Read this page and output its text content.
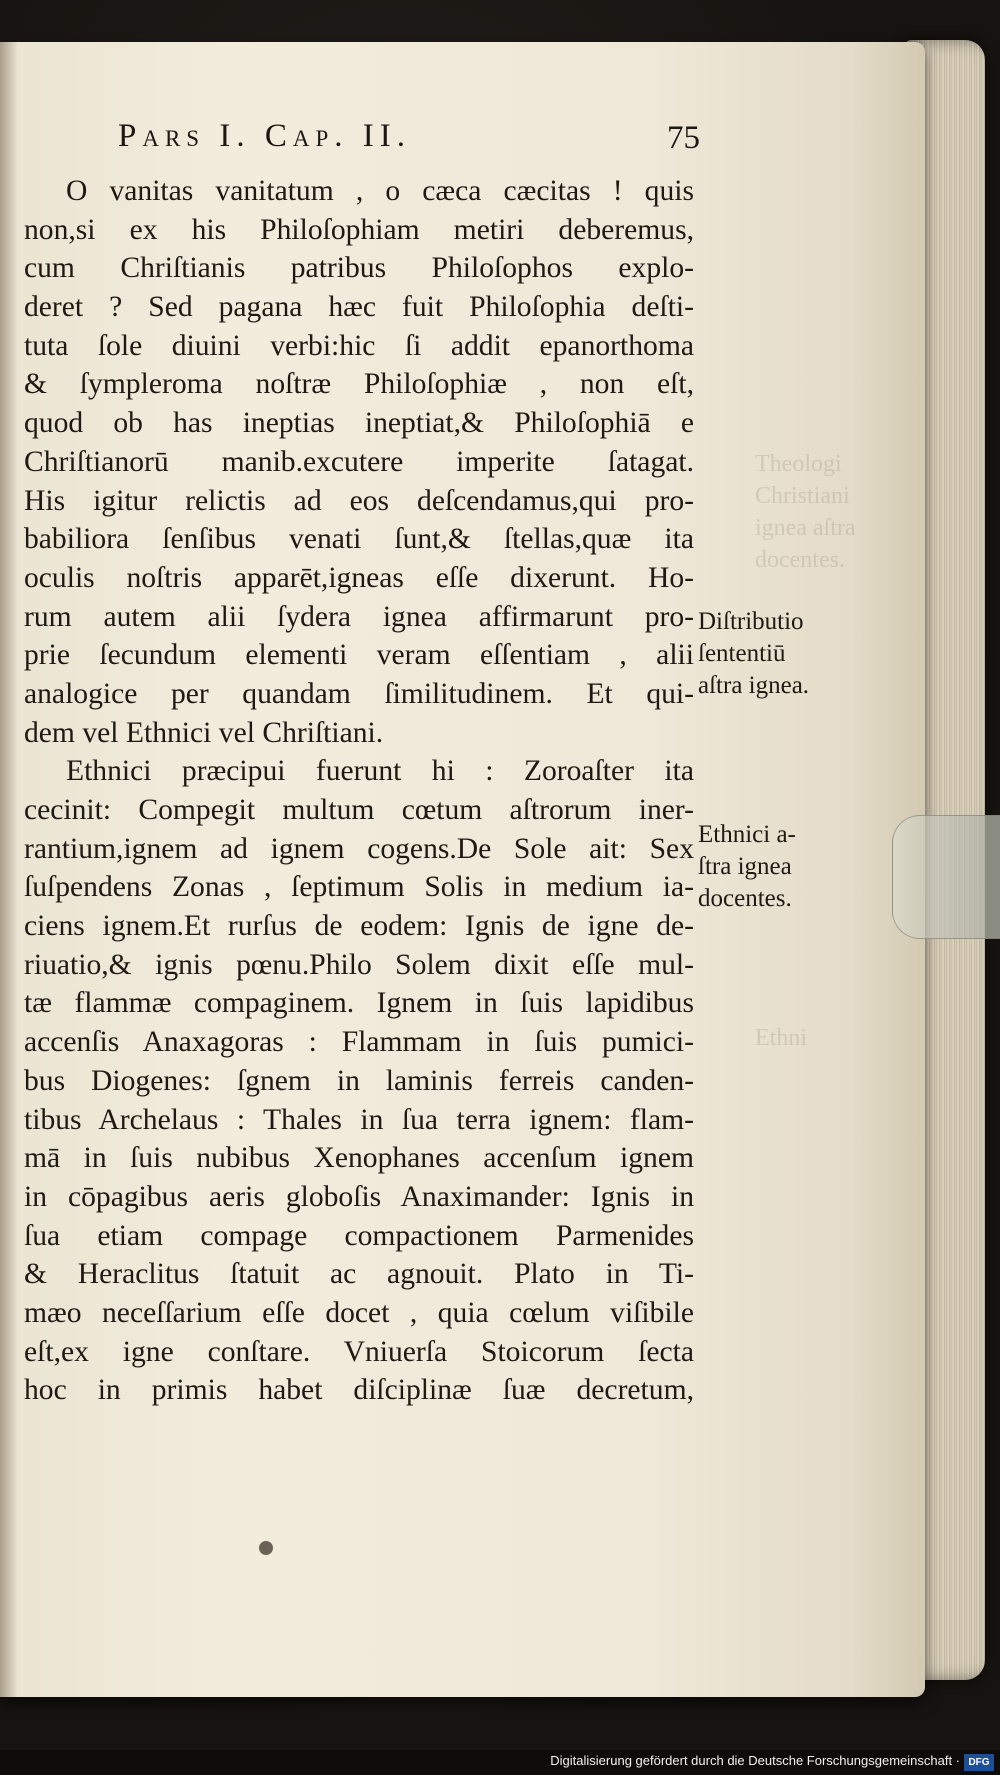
Pars I. Cap. II.	75
Theologi
Christiani
ignea aſtra
docentes.
Ethni
O vanitas vanitatum , o cæca cæcitas ! quis
non,si ex his Philoſophiam metiri deberemus,
cum Chriſtianis patribus Philoſophos explo-
deret ? Sed pagana hæc fuit Philoſophia deſti-
tuta ſole diuini verbi:hic ſi addit epanorthoma
& ſympleroma noſtræ Philoſophiæ , non eſt,
quod ob has ineptias ineptiat,& Philoſophiā e
Chriſtianorū manib.excutere imperite ſatagat.
His igitur relictis ad eos deſcendamus,qui pro-
babiliora ſenſibus venati ſunt,& ſtellas,quæ ita
oculis noſtris apparēt,igneas eſſe dixerunt. Ho-
rum autem alii ſydera ignea affirmarunt pro-
prie ſecundum elementi veram eſſentiam , alii
analogice per quandam ſimilitudinem. Et qui-
dem vel Ethnici vel Chriſtiani.
Ethnici præcipui fuerunt hi : Zoroaſter ita
cecinit: Compegit multum cœtum aſtrorum iner-
rantium,ignem ad ignem cogens.De Sole ait: Sex
ſuſpendens Zonas , ſeptimum Solis in medium ia-
ciens ignem.Et rurſus de eodem: Ignis de igne de-
riuatio,& ignis pœnu.Philo Solem dixit eſſe mul-
tæ flammæ compaginem. Ignem in ſuis lapidibus
accenſis Anaxagoras : Flammam in ſuis pumici-
bus Diogenes: ſgnem in laminis ferreis canden-
tibus Archelaus : Thales in ſua terra ignem: flam-
mā in ſuis nubibus Xenophanes accenſum ignem
in cōpagibus aeris globoſis Anaximander: Ignis in
ſua etiam compage compactionem Parmenides
& Heraclitus ſtatuit ac agnouit. Plato in Ti-
mæo neceſſarium eſſe docet , quia cœlum viſibile
eſt,ex igne conſtare. Vniuerſa Stoicorum ſecta
hoc in primis habet diſciplinæ ſuæ decretum,
Diſtributio
ſententiū
aſtra ignea.
Ethnici a-
ſtra ignea
docentes.
Digitalisierung gefördert durch die Deutsche Forschungsgemeinschaft · DFG
